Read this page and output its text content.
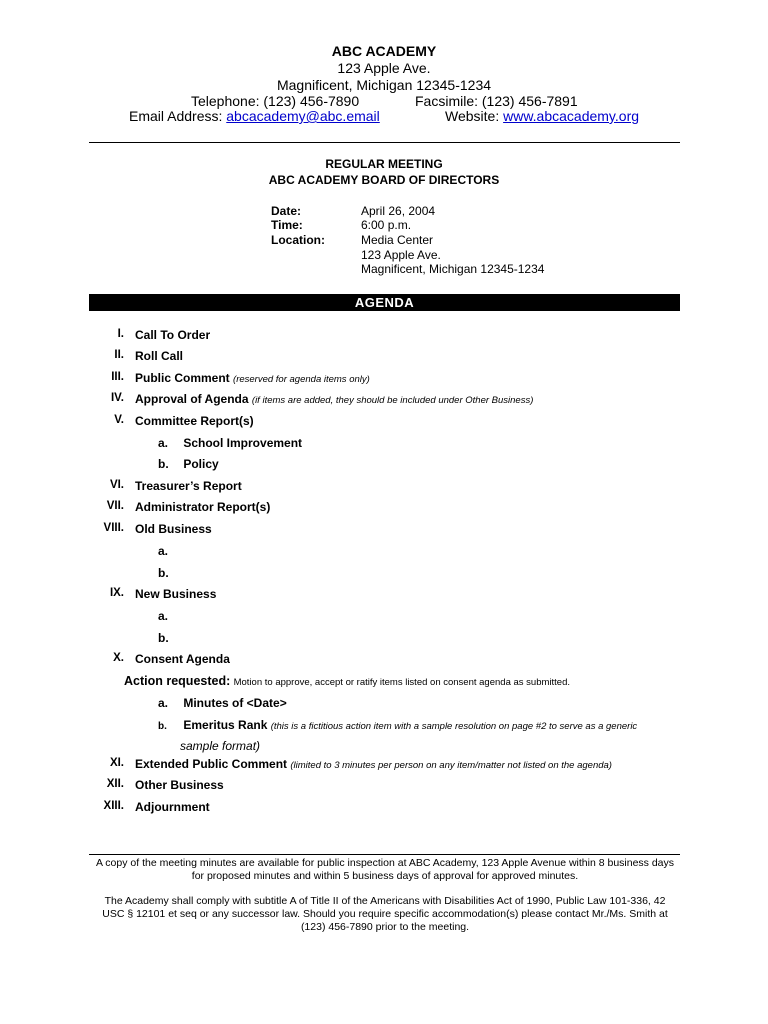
ABC ACADEMY
123 Apple Ave.
Magnificent, Michigan 12345-1234
Telephone: (123) 456-7890	Facsimile: (123) 456-7891
Email Address: abcacademy@abc.email	Website: www.abcacademy.org
REGULAR MEETING
ABC ACADEMY BOARD OF DIRECTORS
Date:	April 26, 2004
Time:	6:00 p.m.
Location:	Media Center
123 Apple Ave.
Magnificent, Michigan 12345-1234
AGENDA
I. Call To Order
II. Roll Call
III. Public Comment (reserved for agenda items only)
IV. Approval of Agenda (if items are added, they should be included under Other Business)
V. Committee Report(s)
a. School Improvement
b. Policy
VI. Treasurer’s Report
VII. Administrator Report(s)
VIII. Old Business
a.
b.
IX. New Business
a.
b.
X. Consent Agenda
Action requested: Motion to approve, accept or ratify items listed on consent agenda as submitted.
a. Minutes of <Date>
b. Emeritus Rank (this is a fictitious action item with a sample resolution on page #2 to serve as a generic
sample format)
XI. Extended Public Comment (limited to 3 minutes per person on any item/matter not listed on the agenda)
XII. Other Business
XIII. Adjournment
A copy of the meeting minutes are available for public inspection at ABC Academy, 123 Apple Avenue within 8 business days for proposed minutes and within 5 business days of approval for approved minutes.
The Academy shall comply with subtitle A of Title II of the Americans with Disabilities Act of 1990, Public Law 101-336, 42 USC § 12101 et seq or any successor law. Should you require specific accommodation(s) please contact Mr./Ms. Smith at (123) 456-7890 prior to the meeting.
